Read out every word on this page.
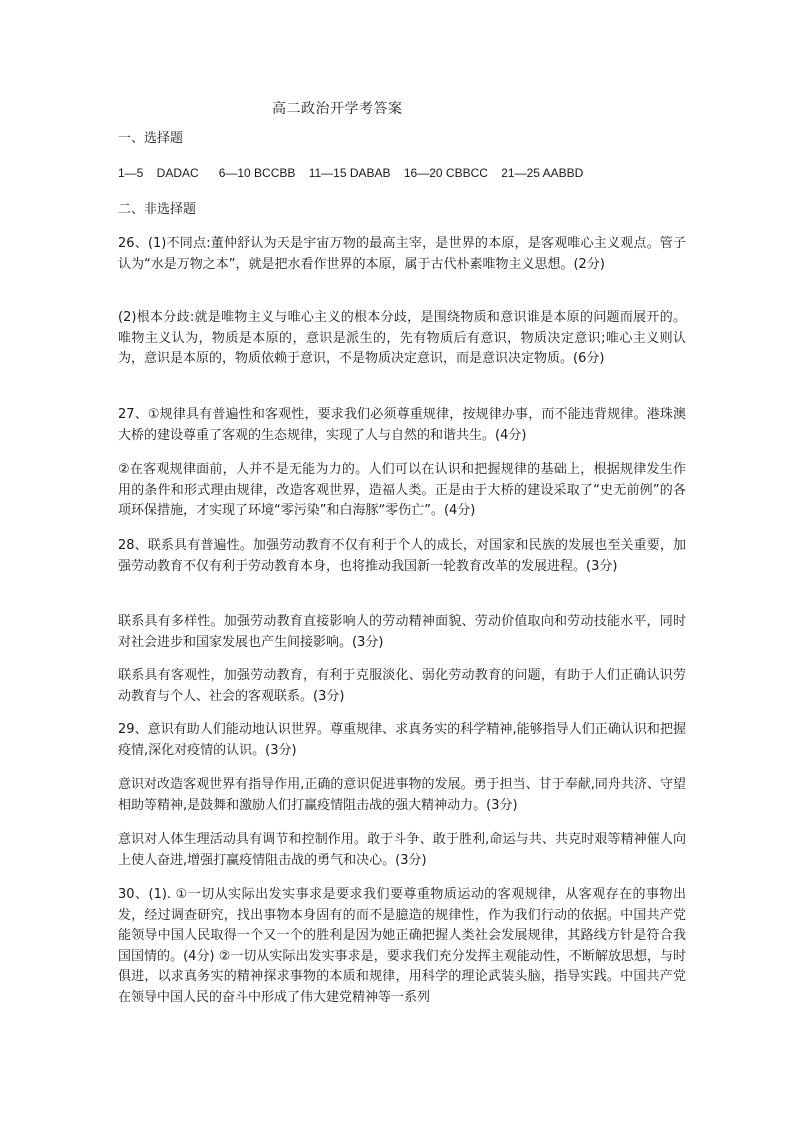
高二政治开学考答案
一、选择题
1—5    DADAC      6—10 BCCBB    11—15 DABAB    16—20 CBBCC    21—25 AABBD
二、非选择题
26、(1)不同点:董仲舒认为天是宇宙万物的最高主宰，是世界的本原，是客观唯心主义观点。管子认为“水是万物之本”，就是把水看作世界的本原，属于古代朴素唯物主义思想。(2分)
(2)根本分歧:就是唯物主义与唯心主义的根本分歧，是围绕物质和意识谁是本原的问题而展开的。唯物主义认为，物质是本原的，意识是派生的，先有物质后有意识，物质决定意识;唯心主义则认为，意识是本原的，物质依赖于意识，不是物质决定意识，而是意识决定物质。(6分)
27、①规律具有普遍性和客观性，要求我们必须尊重规律，按规律办事，而不能违背规律。港珠澳大桥的建设尊重了客观的生态规律，实现了人与自然的和谐共生。(4分)
②在客观规律面前，人并不是无能为力的。人们可以在认识和把握规律的基础上，根据规律发生作用的条件和形式理由规律，改造客观世界，造福人类。正是由于大桥的建设采取了“史无前例”的各项环保措施，才实现了环境“零污染”和白海豚“零伤亡”。(4分)
28、联系具有普遍性。加强劳动教育不仅有利于个人的成长，对国家和民族的发展也至关重要，加强劳动教育不仅有利于劳动教育本身，也将推动我国新一轮教育改革的发展进程。(3分)
联系具有多样性。加强劳动教育直接影响人的劳动精神面貌、劳动价值取向和劳动技能水平，同时对社会进步和国家发展也产生间接影响。(3分)
联系具有客观性，加强劳动教育，有利于克服淡化、弱化劳动教育的问题，有助于人们正确认识劳动教育与个人、社会的客观联系。(3分)
29、意识有助人们能动地认识世界。尊重规律、求真务实的科学精神,能够指导人们正确认识和把握疫情,深化对疫情的认识。(3分)
意识对改造客观世界有指导作用,正确的意识促进事物的发展。勇于担当、甘于奉献,同舟共济、守望相助等精神,是鼓舞和激励人们打赢疫情阻击战的强大精神动力。(3分)
意识对人体生理活动具有调节和控制作用。敢于斗争、敢于胜利,命运与共、共克时艰等精神催人向上使人奋进,增强打赢疫情阻击战的勇气和决心。(3分)
30、(1). ①一切从实际出发实事求是要求我们要尊重物质运动的客观规律，从客观存在的事物出发，经过调查研究，找出事物本身固有的而不是臆造的规律性，作为我们行动的依据。中国共产党能领导中国人民取得一个又一个的胜利是因为她正确把握人类社会发展规律，其路线方针是符合我国国情的。(4分) ②一切从实际出发实事求是，要求我们充分发挥主观能动性，不断解放思想，与时俱进，以求真务实的精神探求事物的本质和规律，用科学的理论武装头脑，指导实践。中国共产党在领导中国人民的奋斗中形成了伟大建党精神等一系列
